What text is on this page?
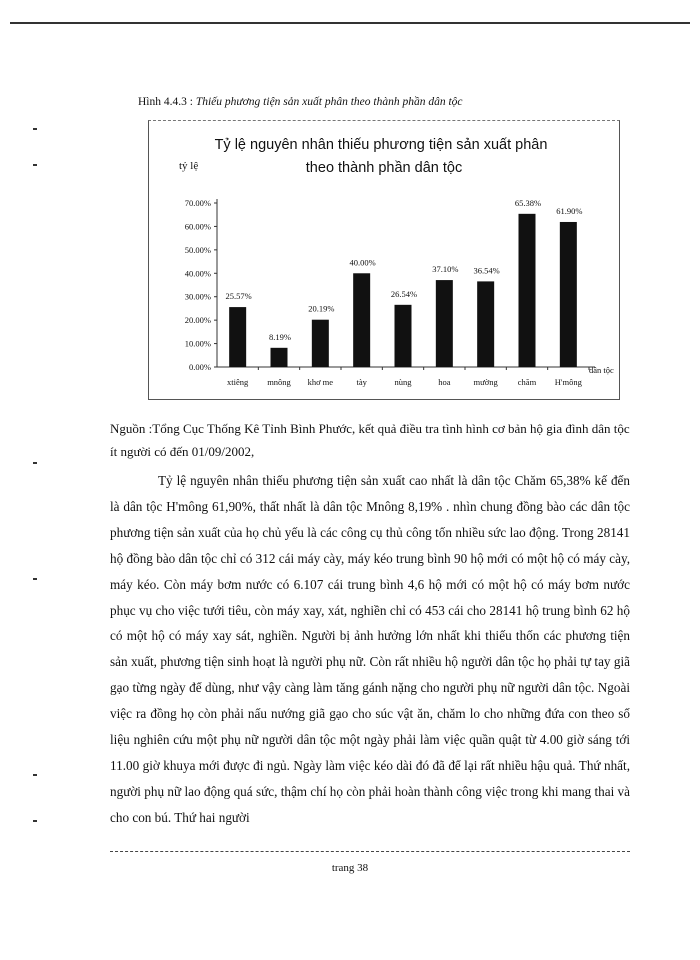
Hình 4.4.3 : Thiếu phương tiện sản xuất phân theo thành phần dân tộc
Tỷ lệ nguyên nhân thiếu phương tiện sản xuất phân
theo thành phần dân tộc
tỷ lệ
dân tộc
0.00%
10.00%
20.00%
30.00%
40.00%
50.00%
60.00%
70.00%
25.57%
xtiêng
8.19%
mnông
20.19%
khơ me
40.00%
tày
26.54%
nùng
37.10%
hoa
36.54%
mường
65.38%
chăm
61.90%
H'mông
Nguồn :Tổng Cục Thống Kê Tỉnh Bình Phước, kết quả điều tra tình hình cơ bản hộ gia đình dân tộc ít người có đến 01/09/2002,

Tỷ lệ nguyên nhân thiếu phương tiện sản xuất cao nhất là dân tộc Chăm 65,38% kế đến là dân tộc H'mông 61,90%, thất nhất là dân tộc Mnông 8,19% . nhìn chung đồng bào các dân tộc phương tiện sản xuất của họ chủ yếu là các công cụ thủ công tốn nhiều sức lao động. Trong 28141 hộ đồng bào dân tộc chỉ có 312 cái máy cày, máy kéo trung bình 90 hộ mới có một hộ có máy cày, máy kéo. Còn máy bơm nước có 6.107 cái trung bình 4,6 hộ mới có một hộ có máy bơm nước phục vụ cho việc tưới tiêu, còn máy xay, xát, nghiền chỉ có 453 cái cho 28141 hộ trung bình 62 hộ có một hộ có máy xay sát, nghiền. Người bị ảnh hưởng lớn nhất khi thiếu thốn các phương tiện sản xuất, phương tiện sinh hoạt là người phụ nữ. Còn rất nhiều hộ người dân tộc họ phải tự tay giã gạo từng ngày để dùng, như vậy càng làm tăng gánh nặng cho người phụ nữ người dân tộc. Ngoài việc ra đồng họ còn phải nấu nướng giã gạo cho súc vật ăn, chăm lo cho những đứa con theo số liệu nghiên cứu một phụ nữ người dân tộc một ngày phải làm việc quần quật từ 4.00 giờ sáng tới 11.00 giờ khuya mới được đi ngủ. Ngày làm việc kéo dài đó đã để lại rất nhiều hậu quả. Thứ nhất, người phụ nữ lao động quá sức, thậm chí họ còn phải hoàn thành công việc trong khi mang thai và cho con bú. Thứ hai người

trang 38
